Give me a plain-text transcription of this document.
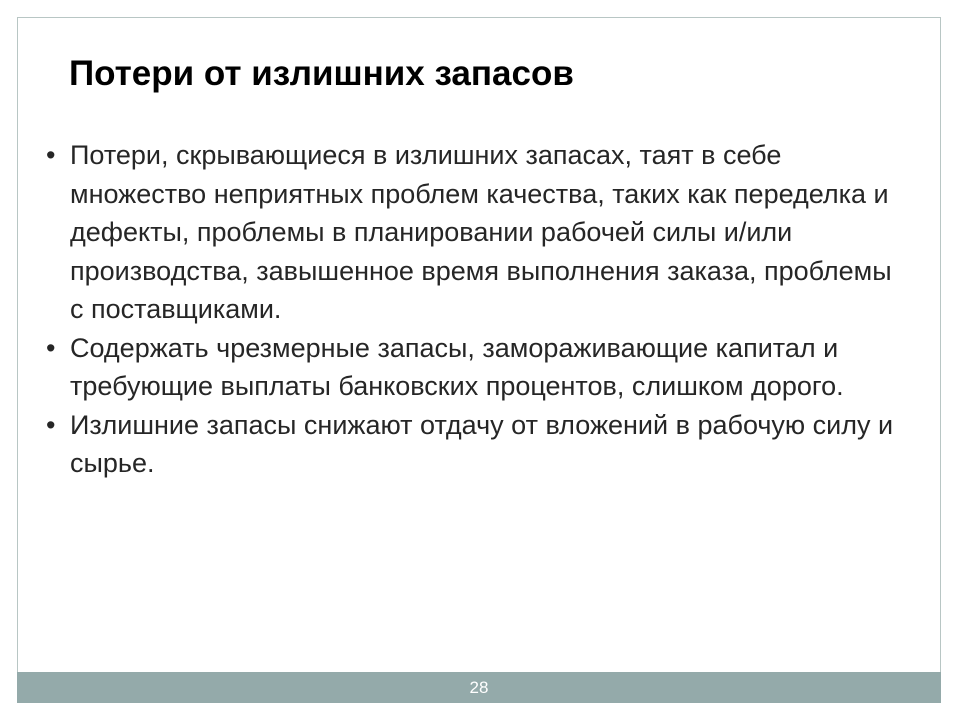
Потери от излишних запасов
• Потери, скрывающиеся в излишних запасах, таят в себе множество неприятных проблем качества, таких как переделка и дефекты, проблемы в планировании рабочей силы и/или производства, завышенное время выполнения заказа, проблемы с поставщиками.
• Содержать чрезмерные запасы, замораживающие капитал и требующие выплаты банковских процентов, слишком дорого.
• Излишние запасы снижают отдачу от вложений в рабочую силу и сырье.
28
